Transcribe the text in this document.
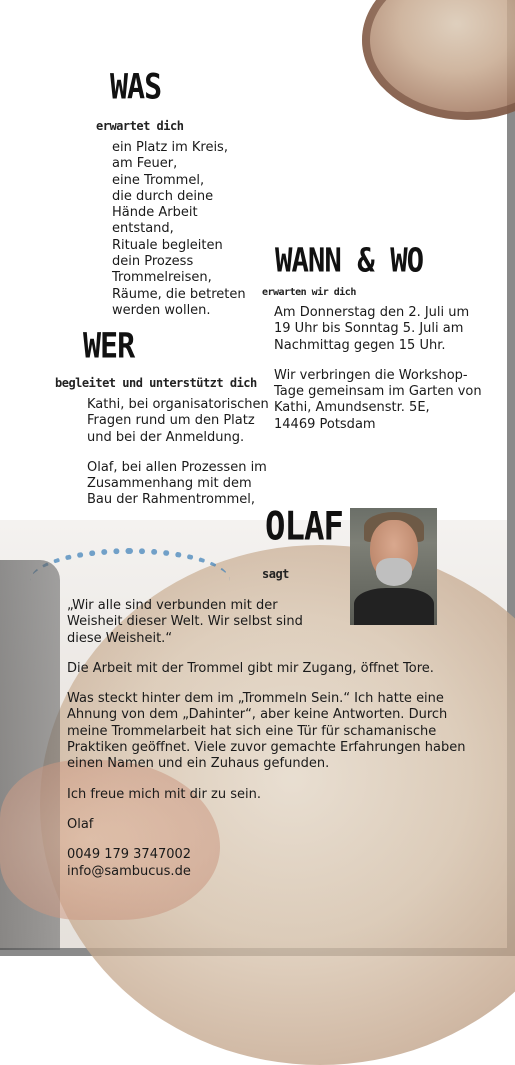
WAS
erwartet dich
ein Platz im Kreis,
am Feuer,
eine Trommel,
die durch deine
Hände Arbeit
entstand,
Rituale begleiten
dein Prozess
Trommelreisen,
Räume, die betreten
werden wollen.
WANN & WO
erwarten wir dich
Am Donnerstag den 2. Juli um
19 Uhr bis Sonntag 5. Juli am
Nachmittag gegen 15 Uhr.
Wir verbringen die Workshop-
Tage gemeinsam im Garten von
Kathi, Amundsenstr. 5E,
14469 Potsdam
WER
begleitet und unterstützt dich
Kathi, bei organisatorischen
Fragen rund um den Platz
und bei der Anmeldung.
Olaf, bei allen Prozessen im
Zusammenhang mit dem
Bau der Rahmentrommel,
OLAF
sagt
„Wir alle sind verbunden mit der
Weisheit dieser Welt. Wir selbst sind
diese Weisheit.“
Die Arbeit mit der Trommel gibt mir Zugang, öffnet Tore.
Was steckt hinter dem im „Trommeln Sein.“ Ich hatte eine
Ahnung von dem „Dahinter“, aber keine Antworten. Durch
meine Trommelarbeit hat sich eine Tür für schamanische
Praktiken geöffnet. Viele zuvor gemachte Erfahrungen haben
einen Namen und ein Zuhaus gefunden.
Ich freue mich mit dir zu sein.
Olaf
0049 179 3747002
info@sambucus.de
